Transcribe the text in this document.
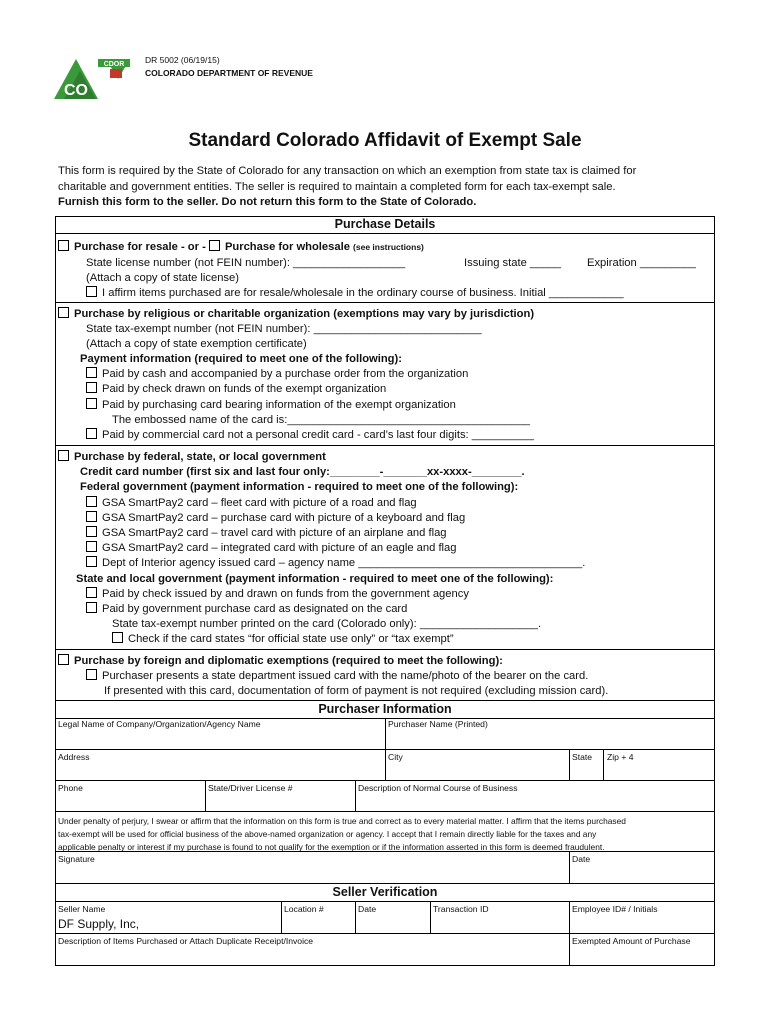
CDOR
CO
DR 5002 (06/19/15)
COLORADO DEPARTMENT OF REVENUE
Standard Colorado Affidavit of Exempt Sale
This form is required by the State of Colorado for any transaction on which an exemption from state tax is claimed for
charitable and government entities. The seller is required to maintain a completed form for each tax-exempt sale.
Furnish this form to the seller. Do not return this form to the State of Colorado.
Purchase Details
Purchase for resale - or - Purchase for wholesale (see instructions)
State license number (not FEIN number): __________________	Issuing state _____ Expiration _________
(Attach a copy of state license)
I affirm items purchased are for resale/wholesale in the ordinary course of business. Initial ____________
Purchase by religious or charitable organization (exemptions may vary by jurisdiction)
State tax-exempt number (not FEIN number): ___________________________
(Attach a copy of state exemption certificate)
Payment information (required to meet one of the following):
Paid by cash and accompanied by a purchase order from the organization
Paid by check drawn on funds of the exempt organization
Paid by purchasing card bearing information of the exempt organization
The embossed name of the card is:_______________________________________
Paid by commercial card not a personal credit card - card’s last four digits: __________
Purchase by federal, state, or local government
Credit card number (first six and last four only:________-_______xx-xxxx-________.
Federal government (payment information - required to meet one of the following):
GSA SmartPay2 card – fleet card with picture of a road and flag
GSA SmartPay2 card – purchase card with picture of a keyboard and flag
GSA SmartPay2 card – travel card with picture of an airplane and flag
GSA SmartPay2 card – integrated card with picture of an eagle and flag
Dept of Interior agency issued card – agency name ____________________________________.
State and local government (payment information - required to meet one of the following):
Paid by check issued by and drawn on funds from the government agency
Paid by government purchase card as designated on the card
State tax-exempt number printed on the card (Colorado only): ___________________.
Check if the card states “for official state use only” or “tax exempt”
Purchase by foreign and diplomatic exemptions (required to meet the following):
Purchaser presents a state department issued card with the name/photo of the bearer on the card.
If presented with this card, documentation of form of payment is not required (excluding mission card).
Purchaser Information
Legal Name of Company/Organization/Agency Name	Purchaser Name (Printed)
Address	City	State Zip + 4
Phone	State/Driver License #	Description of Normal Course of Business
Under penalty of perjury, I swear or affirm that the information on this form is true and correct as to every material matter. I affirm that the items purchased
tax-exempt will be used for official business of the above-named organization or agency. I accept that I remain directly liable for the taxes and any
applicable penalty or interest if my purchase is found to not qualify for the exemption or if the information asserted in this form is deemed fraudulent.
Signature	Date
Seller Verification
Seller Name
DF Supply, Inc,
Location #	Date	Transaction ID	Employee ID# / Initials
Description of Items Purchased or Attach Duplicate Receipt/Invoice	Exempted Amount of Purchase
